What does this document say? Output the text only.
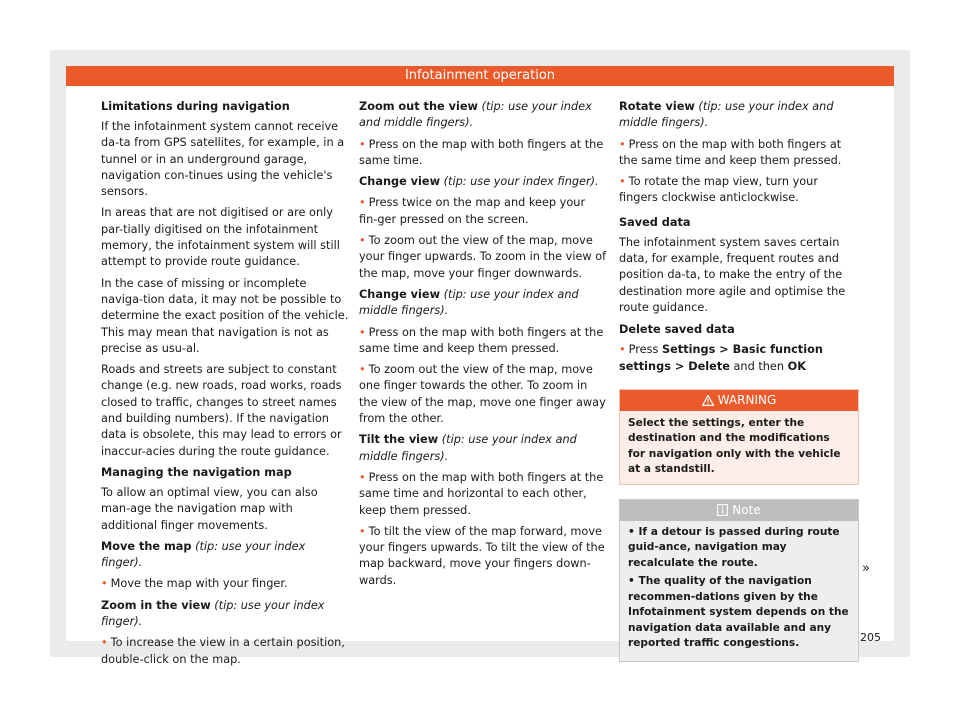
Infotainment operation
Limitations during navigation

If the infotainment system cannot receive da-ta from GPS satellites, for example, in a tunnel or in an underground garage, navigation con-tinues using the vehicle's sensors.

In areas that are not digitised or are only par-tially digitised on the infotainment memory, the infotainment system will still attempt to provide route guidance.

In the case of missing or incomplete naviga-tion data, it may not be possible to determine the exact position of the vehicle. This may mean that navigation is not as precise as usu-al.

Roads and streets are subject to constant change (e.g. new roads, road works, roads closed to traffic, changes to street names and building numbers). If the navigation data is obsolete, this may lead to errors or inaccur-acies during the route guidance.

Managing the navigation map

To allow an optimal view, you can also man-age the navigation map with additional finger movements.

Move the map (tip: use your index finger).

• Move the map with your finger.

Zoom in the view (tip: use your index finger).

• To increase the view in a certain position, double-click on the map.

Zoom out the view (tip: use your index and middle fingers).

• Press on the map with both fingers at the same time.

Change view (tip: use your index finger).

• Press twice on the map and keep your fin-ger pressed on the screen.

• To zoom out the view of the map, move your finger upwards. To zoom in the view of the map, move your finger downwards.

Change view (tip: use your index and middle fingers).

• Press on the map with both fingers at the same time and keep them pressed.

• To zoom out the view of the map, move one finger towards the other. To zoom in the view of the map, move one finger away from the other.

Tilt the view (tip: use your index and middle fingers).

• Press on the map with both fingers at the same time and horizontal to each other, keep them pressed.

• To tilt the view of the map forward, move your fingers upwards. To tilt the view of the map backward, move your fingers down-wards.

Rotate view (tip: use your index and middle fingers).

• Press on the map with both fingers at the same time and keep them pressed.

• To rotate the map view, turn your fingers clockwise anticlockwise.

Saved data

The infotainment system saves certain data, for example, frequent routes and position da-ta, to make the entry of the destination more agile and optimise the route guidance.

Delete saved data

• Press Settings > Basic function settings > Delete and then OK

WARNING
Select the settings, enter the destination and the modifications for navigation only with the vehicle at a standstill.
Note

• If a detour is passed during route guid-ance, navigation may recalculate the route.

• The quality of the navigation recommen-dations given by the Infotainment system depends on the navigation data available and any reported traffic congestions.

»
205
